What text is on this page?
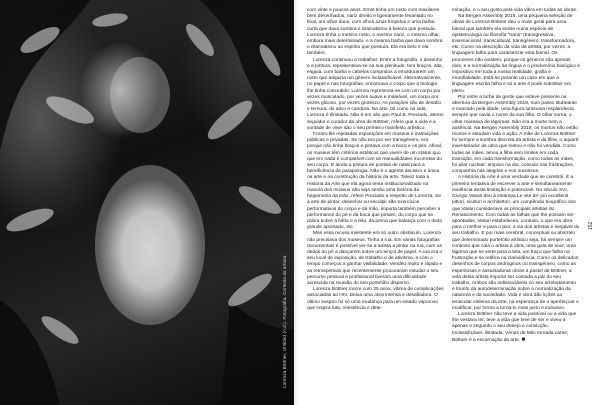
Lorenza Böttner, Untitled (n.d.). Fotografia. Cortesia do artista.

com vinte e poucos anos. Ernst tinha um rosto com maxilares bem desenhados, nariz direito e ligeiramente levantado no final, um olhar doce, com olhos azuis límpidos e uma barba curta que dava sombra e dramatismo à beleza que possuía. Lorenza tinha o mesmo rosto, o mesmo nariz, o mesmo olhar, embora mais determinado, e a mesma barba que dava sombra e dramatismo ao espírito que possuía. Ela era belo e ela também.

Lorenza continuou a trabalhar. Entre a fotografia, o desenho e a pintura, representava-se na sua plenitude: tem braços, alta, esguia, com barba e cabelos compridos a emoldurarem um rosto que adquiria um género inclassificável. Alternativamente, no papel e nas fotografias, encarnava o corpo que a biologia lhe tinha concedido: Lorenza representa-se com um corpo por vezes musculado, por vezes suave e maleável, um corpo por vezes glicoso, por vezes grotesco. As posições são de desafio e ternura, de ativo e candura. Na arte, tal como na vida, Lorenza é ilimitada. Não é em vão que Paul B. Preciado, atento seguidor e curador da obra de Böttner, refere que a vida e a vontade de viver são o seu primeiro manifesto artístico.

Foram-lhe rejeitadas exposições em museus e instituições públicas e privadas. Se não era por ser transgénero, era porque não tinha braços e pintava com a boca e os pés. Afinal, os museus têm critérios estéticos que vivem de um status quo que em nada é compatível com as manualidades incorretas do seu corpo. E ainda a pintura de postais de natal para a beneficência da parapologia. Não é o agente decisivo e única na arte e na construção da história da arte. Talvez toda a História da Arte que ela agora tenta institucionalizado na maioria dos museus não seja senão uma história da hegemonia da mão, refere Preciado a respeito de Lorenza. Se a arte de pintar, desenhar ou esculpir são exercícios performativos do corpo e da mão, importa também perceber a performance do pé e da boca que pintam, do corpo que se dobra sobre a folha e a tela, da perna que balança com o dedo grande apontado, etc.

Mas essa recusa insistente era só outro obstáculo. Lorenza não precisava dos museus. Tinha a rua. Em várias fotografias documentais é possível ver-se a artista a pintar na rua, com os dedos do pé a dançarem sobre um lençol de papel. A rua era o seu local de exposição, de trabalho e de ativismo, e com o tempo começou a ganhar visibilidade. Vendeu muito e rápido e as retrospetivas que recentemente procuraram estudar o seu percurso pessoal e profissional tiveram uma dificuldade acrescida na reunião do seu portefólio disperso.

Lorenza Böttner morre com 35 anos, vítima de complicações associadas ao HIV. Deixa uma obra imensa e desafiadora. O último suspiro foi só uma mudança para um estado vaporoso que inspira luta, resistência e dete-

minação, e o seu gosto pela vida vibra em todas as obras.

Na Bergen Assembly 2019, uma pequena seleção de obras de Lorenza Böttner deu o mote geral para uma bienal que também ela existe numa espécie de epistemologia ou filosofia “trans” (transgressiva, transnacional, transcultural, transgénero, transformadora, etc. Como na descrição da vida da artista, por vezes, a linguagem falha para caracterizar esta bienal. Os pronomes não existem, porque os géneros são apenas dois, e a normalização da língua e o predomínio biológico é impositivo em toda a nossa realidade, grafia e mundialidade. Está-se perante um caso em que a linguagem escrita falha e só a arte é pode substituir em pleno.

Por entre a turba de gente que esteve presente na abertura da Bergen Assembly 2019, num passo titubeante e marcado pela idade, uma figura luminosa resplandecia sempre que ouvia o nome da sua filha. O olhar sorria, o olhar mareava de lágrimas. Não era a morte nem a ausência. Na Bergen Assembly 2019, os mortos não estão mortos e estudam vida e ação. A mãe de Lorenza Böttner foi sempre a sombra discreta da artista e da filha, o aquarê inventariador da obra que restou e não foi vendida. Como todas as mães, amou a filha sem limites em cada transição, em cada transformação, como todas as mães, foi pilar nuclear: amparo na dor, consolo nas frustrações, companhia nas alegrias e nos sucessos.

A História da Arte é uma verdade que se constrói. É a primeira tentativa de escrever a arte e simultaneamente evidência desta limitação e potenciais. No século XVI, Giorgio Vasari deu à estampa Le vite de’ più eccellenti pittori, scultori e architettori, um compêndio biográfico dos que Vasari considerava os principais artistas do Renascimento. Com todas as falhas que the possam ser apontadas, Vasari estabeleceu, contudo, o que era obra para o melhor e para o pior, a via dos artistas é inegável do seu trabalho. E por mais cerebral, conceptual ou abstrato que determinado portefólio artístico seja, há sempre um contexto que cola o artista à obra, uma gota de suor, uma lágrima que se verte para a tela, um traço que falha na frustração e se retifica na clarividência. Como os delicados desenhos de corpos andróginos ou transgénero, como as esperitosas e assustadoras obras a pastel de Böttner, a vida desta artista importa ser contada a par do seu trabalho. Ambos são indissociáveis no seu arrebatamento e triunfo da autodeterminação sobre a normalização da natureza e da sociedade. Vida e obra dão lições ao tenacular sistema da arte, na esperança de o aperfeiçoar e modificar, por forma a torná-lo mais justo e inclusivo.

Lorenza Böttner não teve a vida possível ou a vida que the vestava ter; teve a vida que teve de ser e viveu-a apenas e segundo o seu desejo e convicção. Inclassificável, ilimitada, Vénus de Milo tornada carne; Böttner é a encarnação da arte. ■

152
